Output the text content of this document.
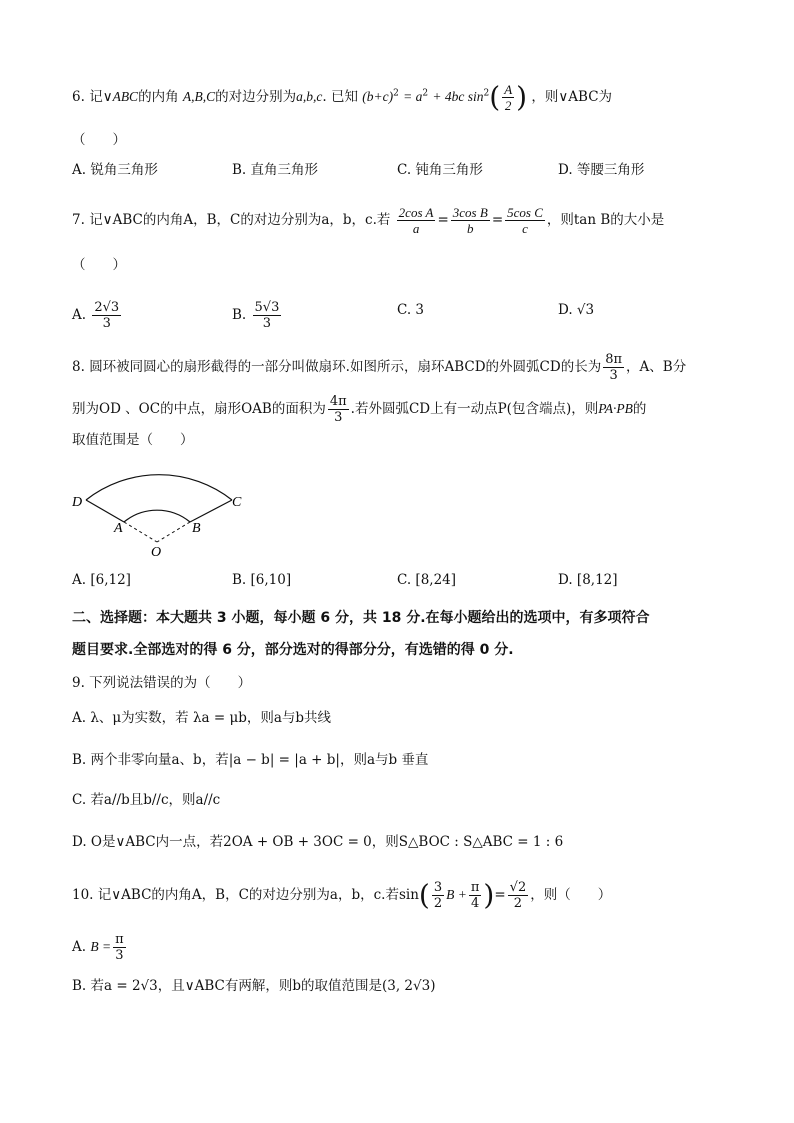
6. 记∨ABC的内角 A,B,C的对边分别为a,b,c. 已知 $(b+c)^2 = a^2 + 4bc$ $\sin^2( \frac{A}{2}$ ) ，则∨ABC为
（　　）
A. 锐角三角形	B. 直角三角形	C. 钝角三角形	D. 等腰三角形
7. 记∨ABC的内角A，B，C的对边分别为a，b，c.若 $\frac{\text{2cos A}}{a} = \frac{\text{3cos B}}{b} = \frac{\text{5cos C}}{c}$ ，则tan B的大小是
（　　）
A. $\frac{2√3}{3}$	B. $\frac{5√3}{3}$	C. 3	D. √3
8. 圆环被同圆心的扇形截得的一部分叫做扇环.如图所示，扇环ABCD的外圆弧CD的长为 $\frac{8\pi}{3}$ ，A、B分
别为OD 、OC的中点，扇形OAB的面积为 $\frac{4\pi}{3}$ .若外圆弧CD上有一动点P(包含端点)，则PA·PB的
取值范围是（　　）
D	C
A	B
O
A. [6,12]	B. [6,10]	C. [8,24]	D. [8,12]
二、选择题：本大题共 3 小题，每小题 6 分，共 18 分.在每小题给出的选项中，有多项符合
题目要求.全部选对的得 6 分，部分选对的得部分分，有选错的得 0 分.
9. 下列说法错误的为（　　）
A. λ、μ为实数，若 λa = μb，则a与b共线
B. 两个非零向量a、b，若|a − b| = |a + b|，则a与b 垂直
C. 若a//b且b//c，则a//c
D. O是∨ABC内一点，若2OA + OB + 3OC = 0，则S△BOC : S△ABC = 1 : 6
10. 记∨ABC的内角A，B，C的对边分别为a，b，c.若$\sin( \frac{3}{2}$ $B + \frac{\pi}{4}$ )= $\frac{√2}{2}$ ，则（　　）
A. $B = \frac{\pi}{3}$
B. 若a = 2√3，且∨ABC有两解，则b的取值范围是(3, 2√3)
